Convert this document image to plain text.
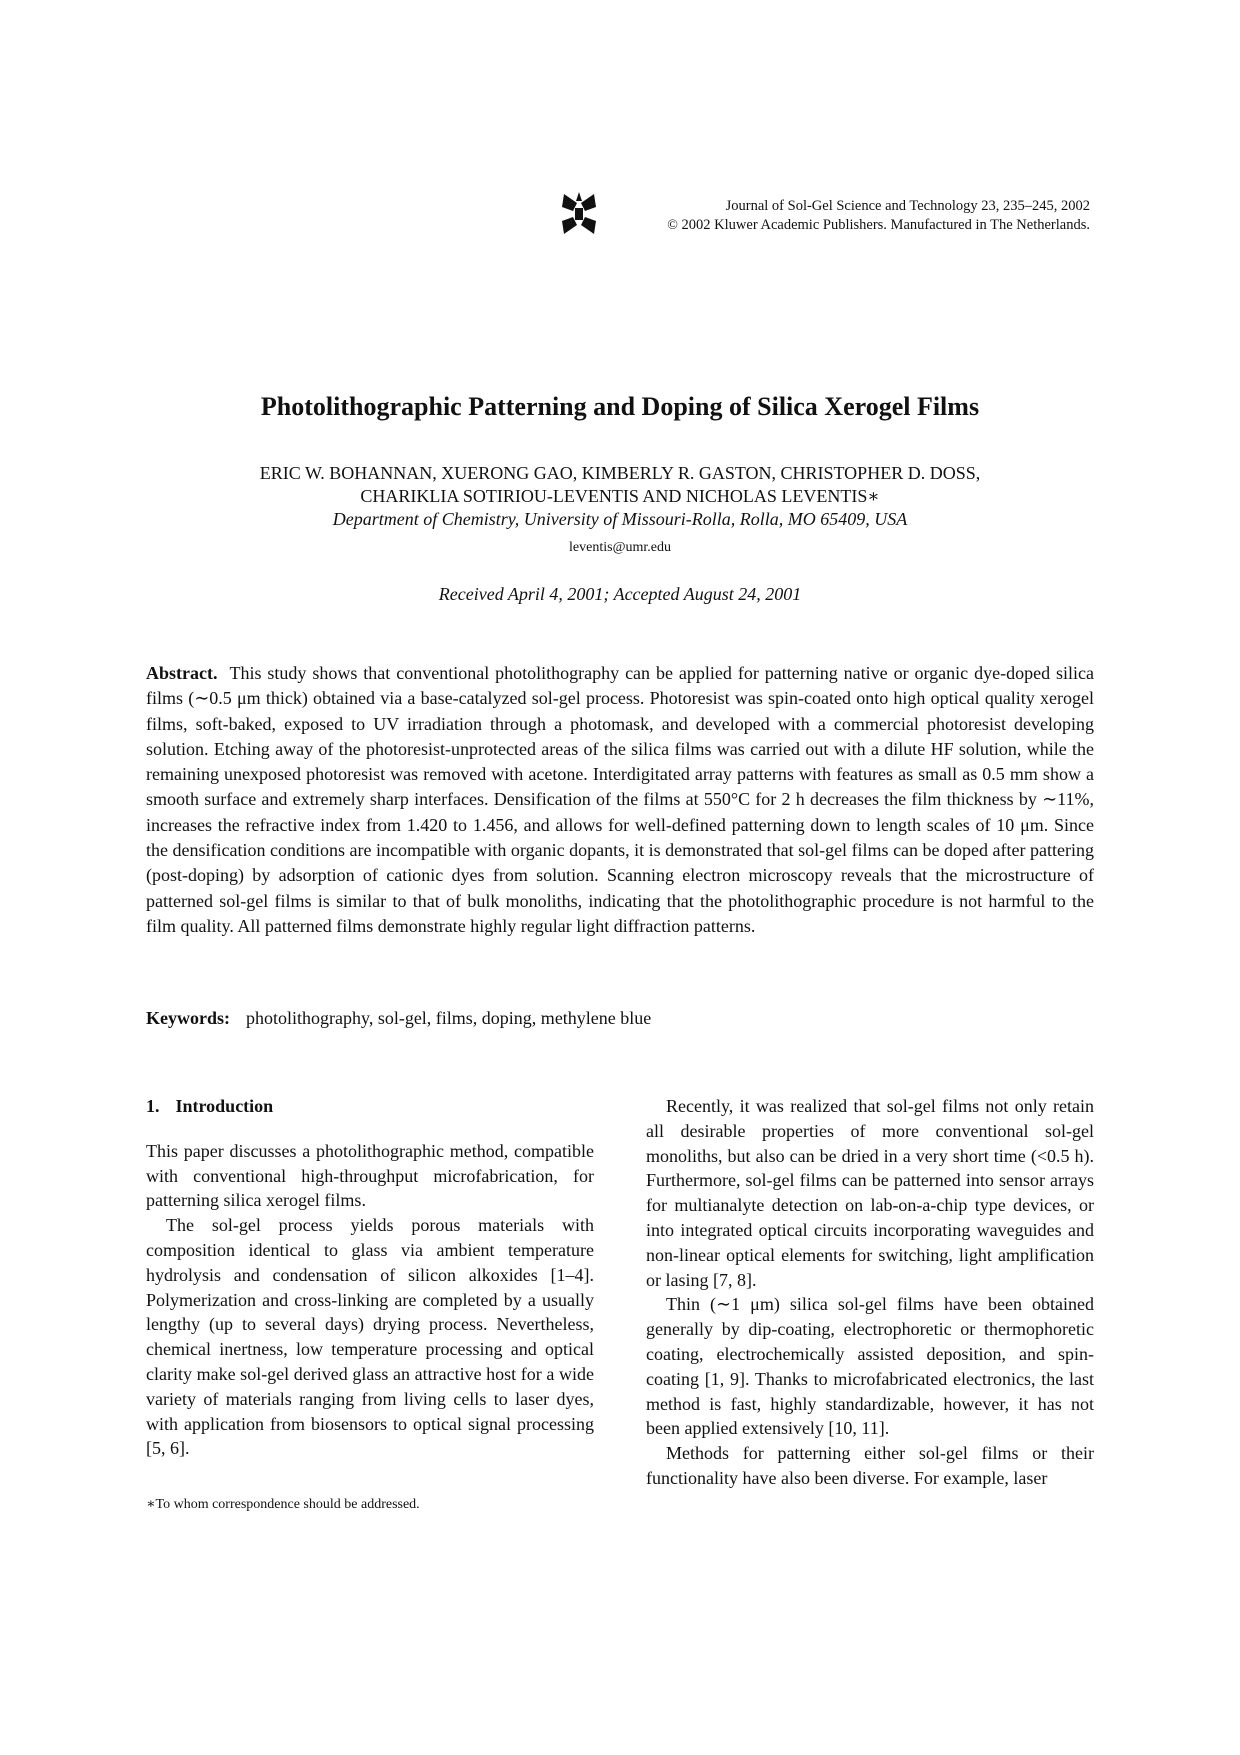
Journal of Sol-Gel Science and Technology 23, 235–245, 2002
© 2002 Kluwer Academic Publishers. Manufactured in The Netherlands.
Photolithographic Patterning and Doping of Silica Xerogel Films
ERIC W. BOHANNAN, XUERONG GAO, KIMBERLY R. GASTON, CHRISTOPHER D. DOSS,
CHARIKLIA SOTIRIOU-LEVENTIS AND NICHOLAS LEVENTIS∗
Department of Chemistry, University of Missouri-Rolla, Rolla, MO 65409, USA
leventis@umr.edu
Received April 4, 2001; Accepted August 24, 2001

Abstract. This study shows that conventional photolithography can be applied for patterning native or organic dye-doped silica films (∼0.5 μm thick) obtained via a base-catalyzed sol-gel process. Photoresist was spin-coated onto high optical quality xerogel films, soft-baked, exposed to UV irradiation through a photomask, and developed with a commercial photoresist developing solution. Etching away of the photoresist-unprotected areas of the silica films was carried out with a dilute HF solution, while the remaining unexposed photoresist was removed with acetone. Interdigitated array patterns with features as small as 0.5 mm show a smooth surface and extremely sharp interfaces. Densification of the films at 550°C for 2 h decreases the film thickness by ∼11%, increases the refractive index from 1.420 to 1.456, and allows for well-defined patterning down to length scales of 10 μm. Since the densification conditions are incompatible with organic dopants, it is demonstrated that sol-gel films can be doped after pattering (post-doping) by adsorption of cationic dyes from solution. Scanning electron microscopy reveals that the microstructure of patterned sol-gel films is similar to that of bulk monoliths, indicating that the photolithographic procedure is not harmful to the film quality. All patterned films demonstrate highly regular light diffraction patterns.

Keywords: photolithography, sol-gel, films, doping, methylene blue

1. Introduction

This paper discusses a photolithographic method, compatible with conventional high-throughput microfabrication, for patterning silica xerogel films.

The sol-gel process yields porous materials with composition identical to glass via ambient temperature hydrolysis and condensation of silicon alkoxides [1–4]. Polymerization and cross-linking are completed by a usually lengthy (up to several days) drying process. Nevertheless, chemical inertness, low temperature processing and optical clarity make sol-gel derived glass an attractive host for a wide variety of materials ranging from living cells to laser dyes, with application from biosensors to optical signal processing [5, 6].

∗To whom correspondence should be addressed.

Recently, it was realized that sol-gel films not only retain all desirable properties of more conventional sol-gel monoliths, but also can be dried in a very short time (<0.5 h). Furthermore, sol-gel films can be patterned into sensor arrays for multianalyte detection on lab-on-a-chip type devices, or into integrated optical circuits incorporating waveguides and non-linear optical elements for switching, light amplification or lasing [7, 8].

Thin (∼1 μm) silica sol-gel films have been obtained generally by dip-coating, electrophoretic or thermophoretic coating, electrochemically assisted deposition, and spin-coating [1, 9]. Thanks to microfabricated electronics, the last method is fast, highly standardizable, however, it has not been applied extensively [10, 11].

Methods for patterning either sol-gel films or their functionality have also been diverse. For example, laser
